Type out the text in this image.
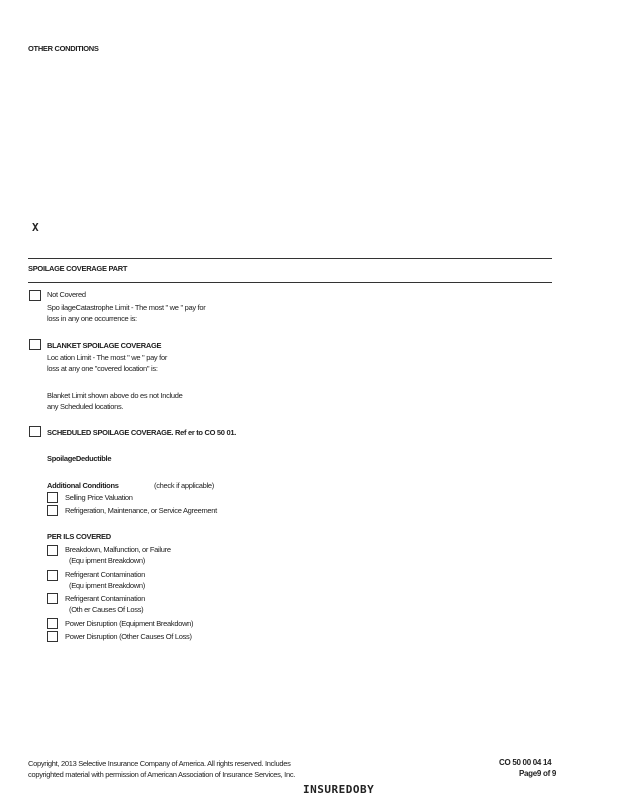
OTHER CONDITIONS
X
SPOILAGE COVERAGE PART
Not Covered
Spo ilageCatastrophe Limit - The most " we " pay for
loss in any one occurrence is:
BLANKET SPOILAGE COVERAGE
Loc ation Limit - The most " we " pay for
loss at any one "covered location" is:
Blanket Limit shown above do es not Include
any Scheduled locations.
SCHEDULED SPOILAGE COVERAGE. Ref er to CO 50 01.
SpoilageDeductible
Additional Conditions	(check if applicable)
Selling Price Valuation
Refrigeration, Maintenance, or Service Agreement
PER ILS COVERED
Breakdown, Malfunction, or Failure
(Equ ipment Breakdown)
Refrigerant Contamination
(Equ ipment Breakdown)
Refrigerant Contamination
(Oth er Causes Of Loss)
Power Disruption (Equipment Breakdown)
Power Disruption (Other Causes Of Loss)
Copyright, 2013 Selective Insurance Company of America. All rights reserved. Includes
copyrighted material with permission of American Association of Insurance Services, Inc.
CO 50 00 04 14
Page9 of 9
INSUREDOBY
